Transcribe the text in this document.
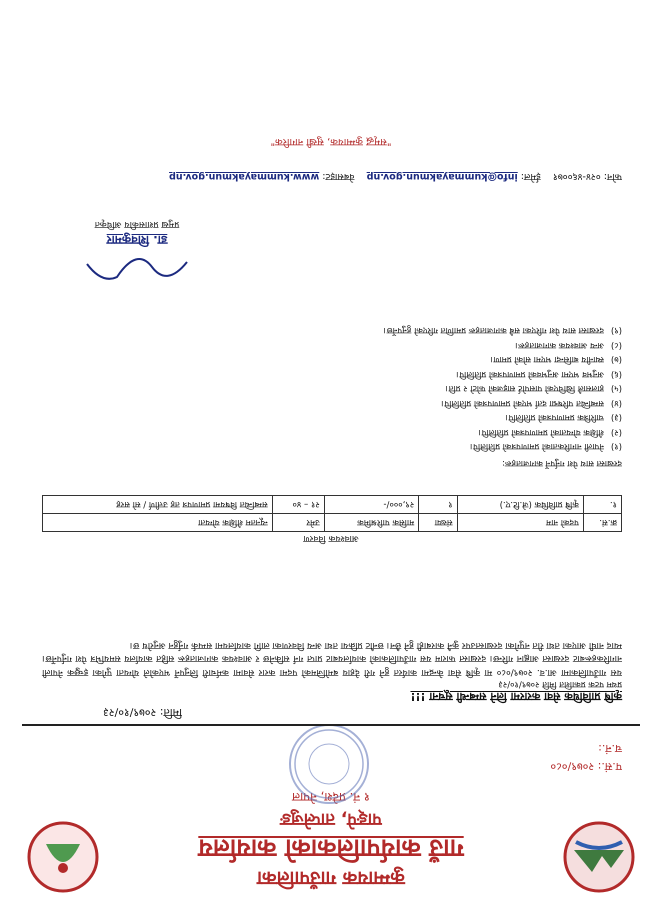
कुम्मायक गाउँपालिका
गाउँ कार्यपालिकाको कार्यालय
पाङ्पे, ताप्लेजुङ
१ नं. प्रदेश, नेपाल
प.सं.: २०७९/०८०
च.नं.:
मिति: २०७९/१०/२३
कृषि प्राविधिक सेवा करारमा लिने सम्बन्धी सूचना !!!
प्रथम पटक प्रकाशित मिति २०७९/१०/२३
यस गाउँपालिकामा आ.व. २०७९/०८० मा कृषि सेवा केन्द्रमा कार्यरत हुने गरी देहाय बमोजिमको पदमा करार सेवामा कर्मचारी लिनुपर्ने भएकोले योग्यता पुगेका इच्छुक नेपाली नागरिकहरूबाट दरखास्त आह्वान गरिन्छ। दरखास्त फाराम यस गाउँपालिकाको कार्यालयबाट प्राप्त गर्न सकिनेछ र आवश्यक कागजातहरू सहित कार्यालय समयभित्र पेश गर्नुपर्नेछ। म्याद नाघी आएका तथा रीत नपुगेका दरखास्तउपर कुनै कारबाही हुने छैन। छनौट प्रक्रिया तथा अन्य विवरणका लागि कार्यालयमा सम्पर्क गर्नुहुन अनुरोध छ।
आवश्यक विवरण
क्र.सं.	पदको नाम	संख्या	मासिक पारिश्रमिक	उमेर	न्यूनतम शैक्षिक योग्यता
१.	कृषि प्राविधिक (जे.टि.ए.)	१	२९,०००/-	२१ – ४०	सम्बन्धित विषयमा प्रमाणपत्र तह उत्तीर्ण / सो सरह
दरखास्त साथ पेश गर्नुपर्ने कागजातहरू:
(१)
नेपाली नागरिकताको प्रमाणपत्रको प्रतिलिपि।
(२)
शैक्षिक योग्यताको प्रमाणपत्रको प्रतिलिपि।
(३)
चारित्रिक प्रमाणपत्रको प्रतिलिपि।
(४)
सम्बन्धित परिषद्मा दर्ता भएको प्रमाणपत्रको प्रतिलिपि।
(५)
हालसालै खिचिएको पासपोर्ट साइजको फोटो २ प्रति।
(६)
अनुभव भएमा अनुभवको प्रमाणपत्रको प्रतिलिपि।
(७)
स्थानीय बासिन्दा भएमा सोको प्रमाण।
(८)
अन्य आवश्यक कागजातहरू।
(९)
दरखास्त साथ पेश गरिएका सबै कागजातहरू प्रमाणित गरिएको हुनुपर्नेछ।
डा. शिवकुमार
प्रमुख प्रशासकीय अधिकृत
फोन: ०२४-४६००७१    ईमेल: info@kummayakmun.gov.np    वेबसाइट: www.kummayakmun.gov.np
"समृद्ध कुम्मायक, सुखी नागरिक"
